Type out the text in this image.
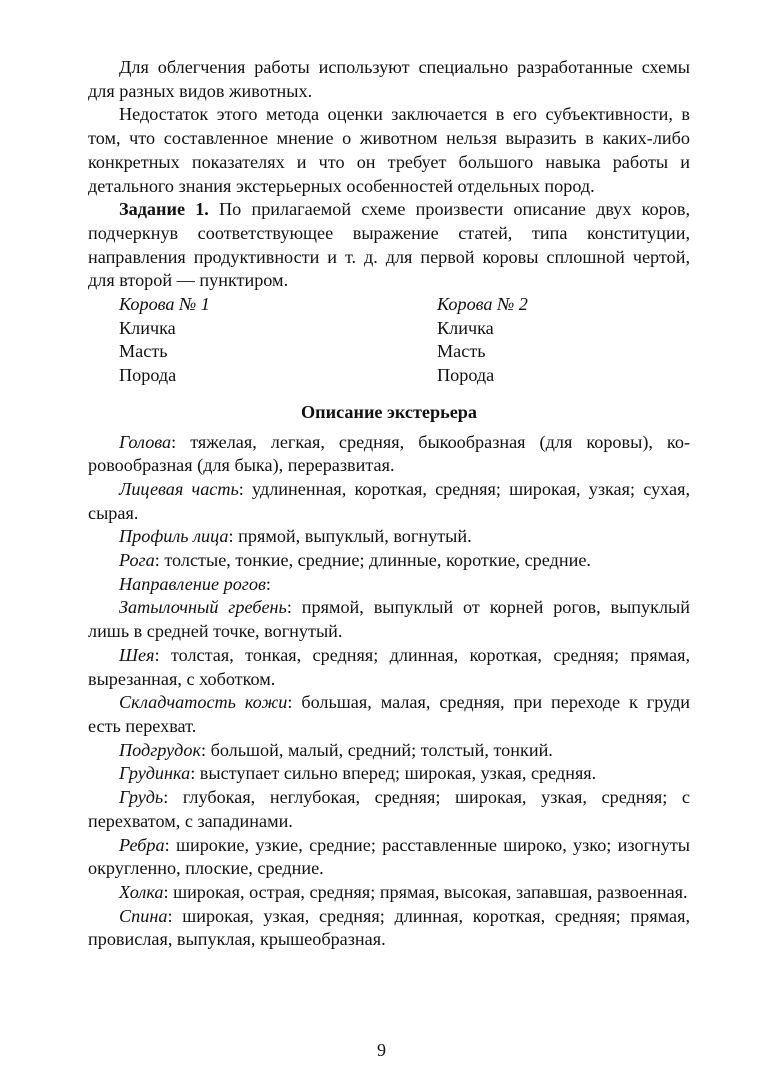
Для облегчения работы используют специально разработанные схемы для разных видов животных.

Недостаток этого метода оценки заключается в его субъективности, в том, что составленное мнение о животном нельзя выразить в каких-либо конкретных показателях и что он требует большого навыка работы и детального знания экстерьерных особенностей отдельных пород.

Задание 1. По прилагаемой схеме произвести описание двух коров, подчеркнув соответствующее выражение статей, типа конституции, направления продуктивности и т. д. для первой коровы сплошной чертой, для второй — пунктиром.

Корова № 1	Корова № 2

Кличка	Кличка

Масть	Масть

Порода	Порода

Описание экстерьера

Голова: тяжелая, легкая, средняя, быкообразная (для коровы), коровообразная (для быка), переразвитая.

Лицевая часть: удлиненная, короткая, средняя; широкая, узкая; сухая, сырая.

Профиль лица: прямой, выпуклый, вогнутый.

Рога: толстые, тонкие, средние; длинные, короткие, средние.

Направление рогов:

Затылочный гребень: прямой, выпуклый от корней рогов, выпуклый лишь в средней точке, вогнутый.

Шея: толстая, тонкая, средняя; длинная, короткая, средняя; прямая, вырезанная, с хоботком.

Складчатость кожи: большая, малая, средняя, при переходе к груди есть перехват.

Подгрудок: большой, малый, средний; толстый, тонкий.

Грудинка: выступает сильно вперед; широкая, узкая, средняя.

Грудь: глубокая, неглубокая, средняя; широкая, узкая, средняя; с перехватом, с западинами.

Ребра: широкие, узкие, средние; расставленные широко, узко; изогнуты округленно, плоские, средние.

Холка: широкая, острая, средняя; прямая, высокая, запавшая, развоенная.

Спина: широкая, узкая, средняя; длинная, короткая, средняя; прямая, провислая, выпуклая, крышеобразная.

9
